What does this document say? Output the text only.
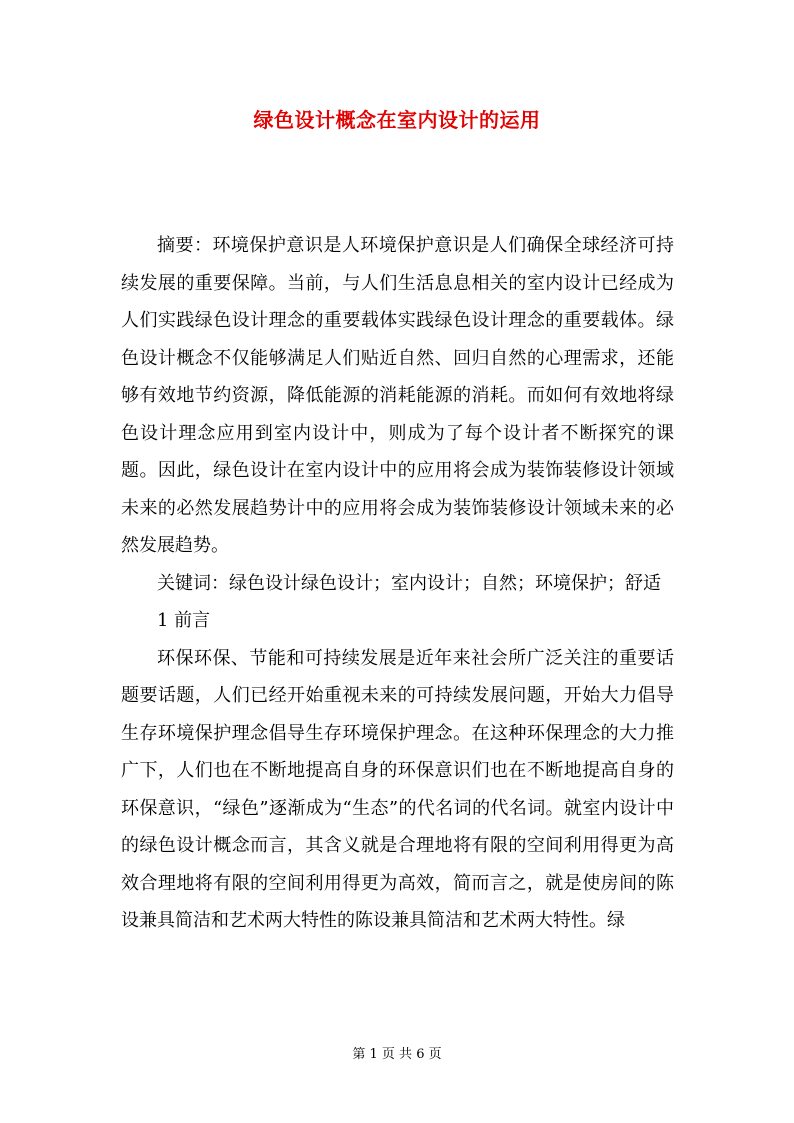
绿色设计概念在室内设计的运用

摘要：环境保护意识是人环境保护意识是人们确保全球经济可持续发展的重要保障。当前，与人们生活息息相关的室内设计已经成为人们实践绿色设计理念的重要载体实践绿色设计理念的重要载体。绿色设计概念不仅能够满足人们贴近自然、回归自然的心理需求，还能够有效地节约资源，降低能源的消耗能源的消耗。而如何有效地将绿色设计理念应用到室内设计中，则成为了每个设计者不断探究的课题。因此，绿色设计在室内设计中的应用将会成为装饰装修设计领域未来的必然发展趋势计中的应用将会成为装饰装修设计领域未来的必然发展趋势。

关键词：绿色设计绿色设计；室内设计；自然；环境保护；舒适

1 前言

环保环保、节能和可持续发展是近年来社会所广泛关注的重要话题要话题，人们已经开始重视未来的可持续发展问题，开始大力倡导生存环境保护理念倡导生存环境保护理念。在这种环保理念的大力推广下，人们也在不断地提高自身的环保意识们也在不断地提高自身的环保意识，“绿色”逐渐成为“生态”的代名词的代名词。就室内设计中的绿色设计概念而言，其含义就是合理地将有限的空间利用得更为高效合理地将有限的空间利用得更为高效，简而言之，就是使房间的陈设兼具简洁和艺术两大特性的陈设兼具简洁和艺术两大特性。绿

第 1 页 共 6 页
